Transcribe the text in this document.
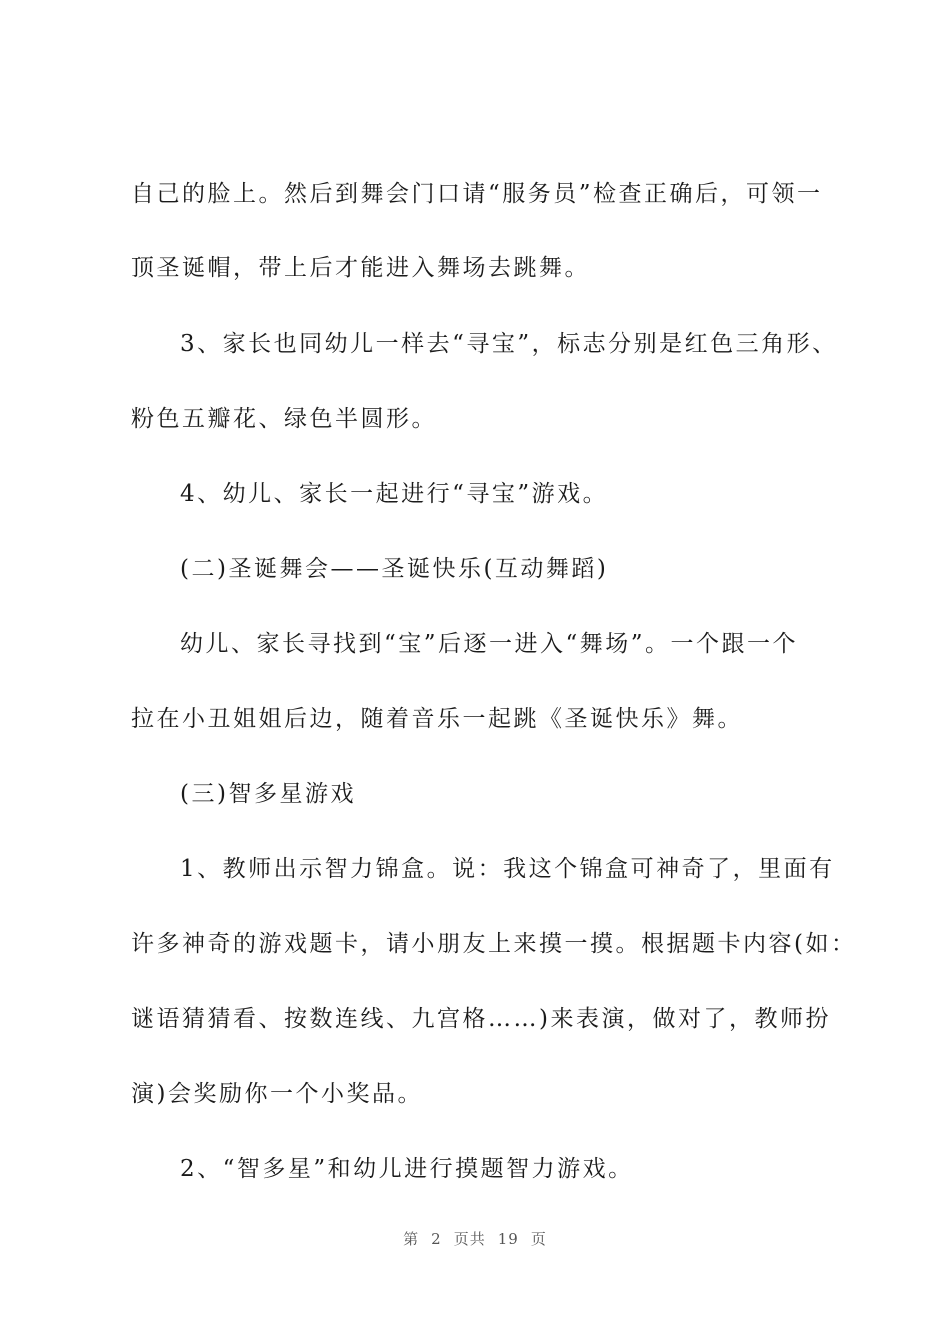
自己的脸上。然后到舞会门口请“服务员”检查正确后，可领一
顶圣诞帽，带上后才能进入舞场去跳舞。
3、家长也同幼儿一样去“寻宝”，标志分别是红色三角形、
粉色五瓣花、绿色半圆形。
4、幼儿、家长一起进行“寻宝”游戏。
(二)圣诞舞会——圣诞快乐(互动舞蹈)
幼儿、家长寻找到“宝”后逐一进入“舞场”。一个跟一个
拉在小丑姐姐后边，随着音乐一起跳《圣诞快乐》舞。
(三)智多星游戏
1、教师出示智力锦盒。说：我这个锦盒可神奇了，里面有
许多神奇的游戏题卡，请小朋友上来摸一摸。根据题卡内容(如：
谜语猜猜看、按数连线、九宫格……)来表演，做对了，教师扮
演)会奖励你一个小奖品。
2、“智多星”和幼儿进行摸题智力游戏。
第 2 页共 19 页
